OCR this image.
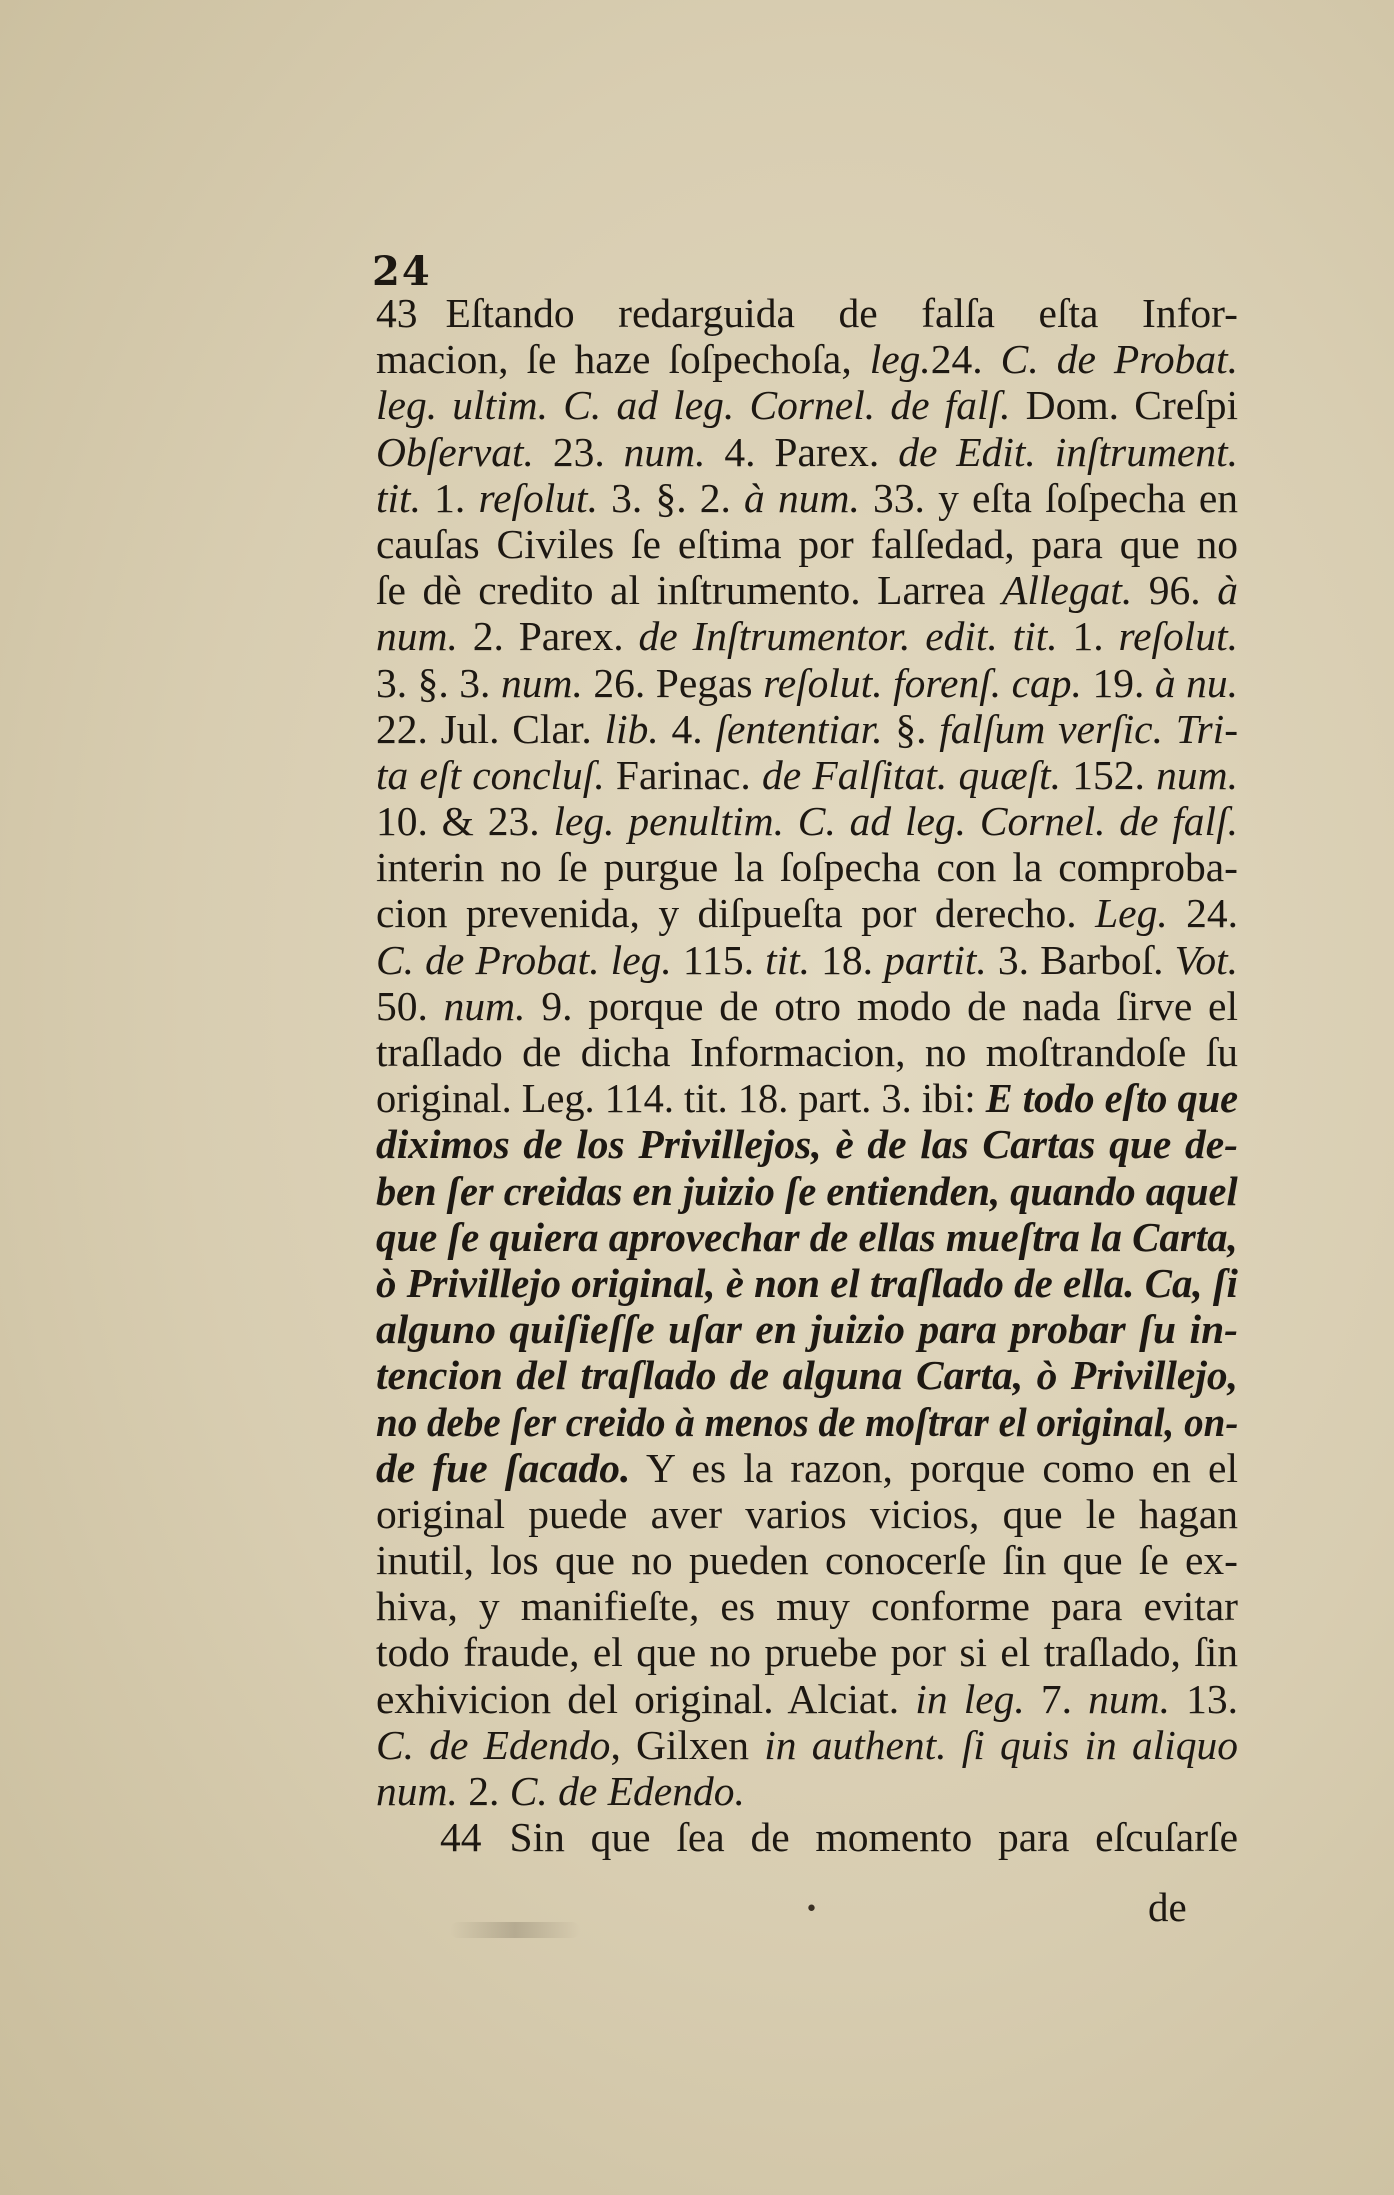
24
43 Eſtando redarguida de falſa eſta Infor-
macion, ſe haze ſoſpechoſa, leg.24. C. de Probat.
leg. ultim. C. ad leg. Cornel. de falſ. Dom. Creſpi
Obſervat. 23. num. 4. Parex. de Edit. inſtrument.
tit. 1. reſolut. 3. §. 2. à num. 33. y eſta ſoſpecha en
cauſas Civiles ſe eſtima por falſedad, para que no
ſe dè credito al inſtrumento. Larrea Allegat. 96. à
num. 2. Parex. de Inſtrumentor. edit. tit. 1. reſolut.
3. §. 3. num. 26. Pegas reſolut. forenſ. cap. 19. à nu.
22. Jul. Clar. lib. 4. ſententiar. §. falſum verſic. Tri-
ta eſt concluſ. Farinac. de Falſitat. quæſt. 152. num.
10. & 23. leg. penultim. C. ad leg. Cornel. de falſ.
interin no ſe purgue la ſoſpecha con la comproba-
cion prevenida, y diſpueſta por derecho. Leg. 24.
C. de Probat. leg. 115. tit. 18. partit. 3. Barboſ. Vot.
50. num. 9. porque de otro modo de nada ſirve el
traſlado de dicha Informacion, no moſtrandoſe ſu
original. Leg. 114. tit. 18. part. 3. ibi: E todo eſto que
diximos de los Privillejos, è de las Cartas que de-
ben ſer creidas en juizio ſe entienden, quando aquel
que ſe quiera aprovechar de ellas mueſtra la Carta,
ò Privillejo original, è non el traſlado de ella. Ca, ſi
alguno quiſieſſe uſar en juizio para probar ſu in-
tencion del traſlado de alguna Carta, ò Privillejo,
no debe ſer creido à menos de moſtrar el original, on-
de fue ſacado. Y es la razon, porque como en el
original puede aver varios vicios, que le hagan
inutil, los que no pueden conocerſe ſin que ſe ex-
hiva, y manifieſte, es muy conforme para evitar
todo fraude, el que no pruebe por si el traſlado, ſin
exhivicion del original. Alciat. in leg. 7. num. 13.
C. de Edendo, Gilxen in authent. ſi quis in aliquo
num. 2. C. de Edendo.
44 Sin que ſea de momento para eſcuſarſe
•	de
